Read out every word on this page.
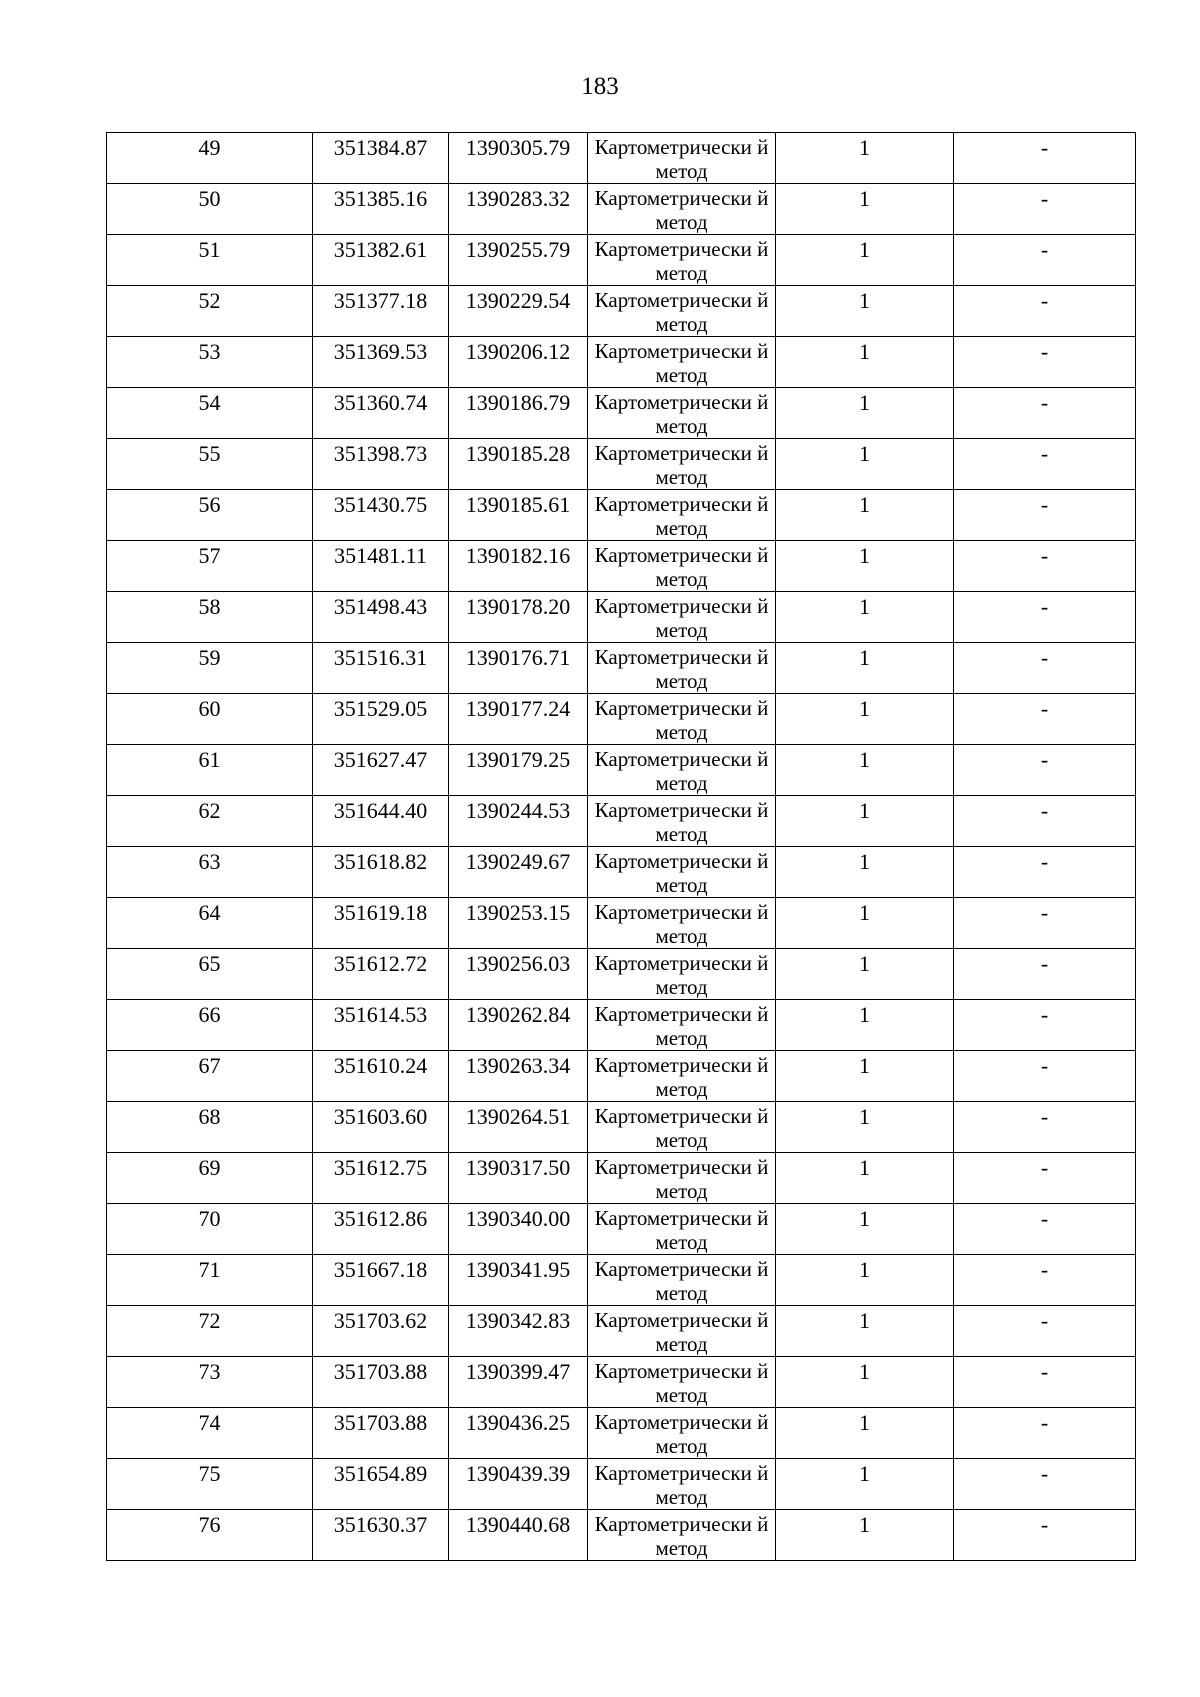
183
49	351384.87	1390305.79	Картометрически й метод	1	-
50	351385.16	1390283.32	Картометрически й метод	1	-
51	351382.61	1390255.79	Картометрически й метод	1	-
52	351377.18	1390229.54	Картометрически й метод	1	-
53	351369.53	1390206.12	Картометрически й метод	1	-
54	351360.74	1390186.79	Картометрически й метод	1	-
55	351398.73	1390185.28	Картометрически й метод	1	-
56	351430.75	1390185.61	Картометрически й метод	1	-
57	351481.11	1390182.16	Картометрически й метод	1	-
58	351498.43	1390178.20	Картометрически й метод	1	-
59	351516.31	1390176.71	Картометрически й метод	1	-
60	351529.05	1390177.24	Картометрически й метод	1	-
61	351627.47	1390179.25	Картометрически й метод	1	-
62	351644.40	1390244.53	Картометрически й метод	1	-
63	351618.82	1390249.67	Картометрически й метод	1	-
64	351619.18	1390253.15	Картометрически й метод	1	-
65	351612.72	1390256.03	Картометрически й метод	1	-
66	351614.53	1390262.84	Картометрически й метод	1	-
67	351610.24	1390263.34	Картометрически й метод	1	-
68	351603.60	1390264.51	Картометрически й метод	1	-
69	351612.75	1390317.50	Картометрически й метод	1	-
70	351612.86	1390340.00	Картометрически й метод	1	-
71	351667.18	1390341.95	Картометрически й метод	1	-
72	351703.62	1390342.83	Картометрически й метод	1	-
73	351703.88	1390399.47	Картометрически й метод	1	-
74	351703.88	1390436.25	Картометрически й метод	1	-
75	351654.89	1390439.39	Картометрически й метод	1	-
76	351630.37	1390440.68	Картометрически й метод	1	-
